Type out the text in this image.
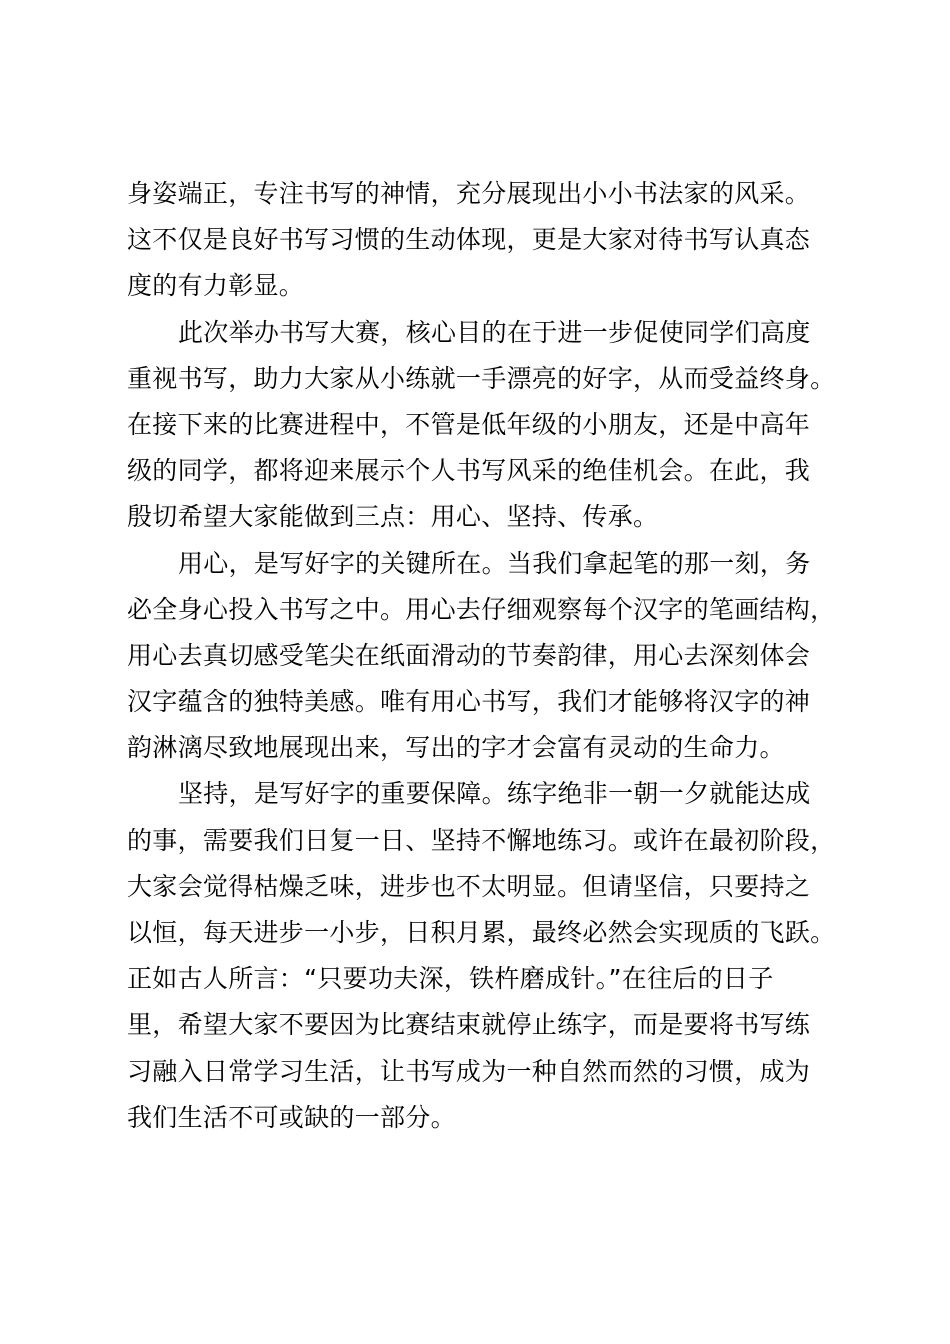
身姿端正，专注书写的神情，充分展现出小小书法家的风采。
这不仅是良好书写习惯的生动体现，更是大家对待书写认真态
度的有力彰显。
此次举办书写大赛，核心目的在于进一步促使同学们高度
重视书写，助力大家从小练就一手漂亮的好字，从而受益终身。
在接下来的比赛进程中，不管是低年级的小朋友，还是中高年
级的同学，都将迎来展示个人书写风采的绝佳机会。在此，我
殷切希望大家能做到三点：用心、坚持、传承。
用心，是写好字的关键所在。当我们拿起笔的那一刻，务
必全身心投入书写之中。用心去仔细观察每个汉字的笔画结构，
用心去真切感受笔尖在纸面滑动的节奏韵律，用心去深刻体会
汉字蕴含的独特美感。唯有用心书写，我们才能够将汉字的神
韵淋漓尽致地展现出来，写出的字才会富有灵动的生命力。
坚持，是写好字的重要保障。练字绝非一朝一夕就能达成
的事，需要我们日复一日、坚持不懈地练习。或许在最初阶段，
大家会觉得枯燥乏味，进步也不太明显。但请坚信，只要持之
以恒，每天进步一小步，日积月累，最终必然会实现质的飞跃。
正如古人所言：“只要功夫深，铁杵磨成针。”在往后的日子
里，希望大家不要因为比赛结束就停止练字，而是要将书写练
习融入日常学习生活，让书写成为一种自然而然的习惯，成为
我们生活不可或缺的一部分。
